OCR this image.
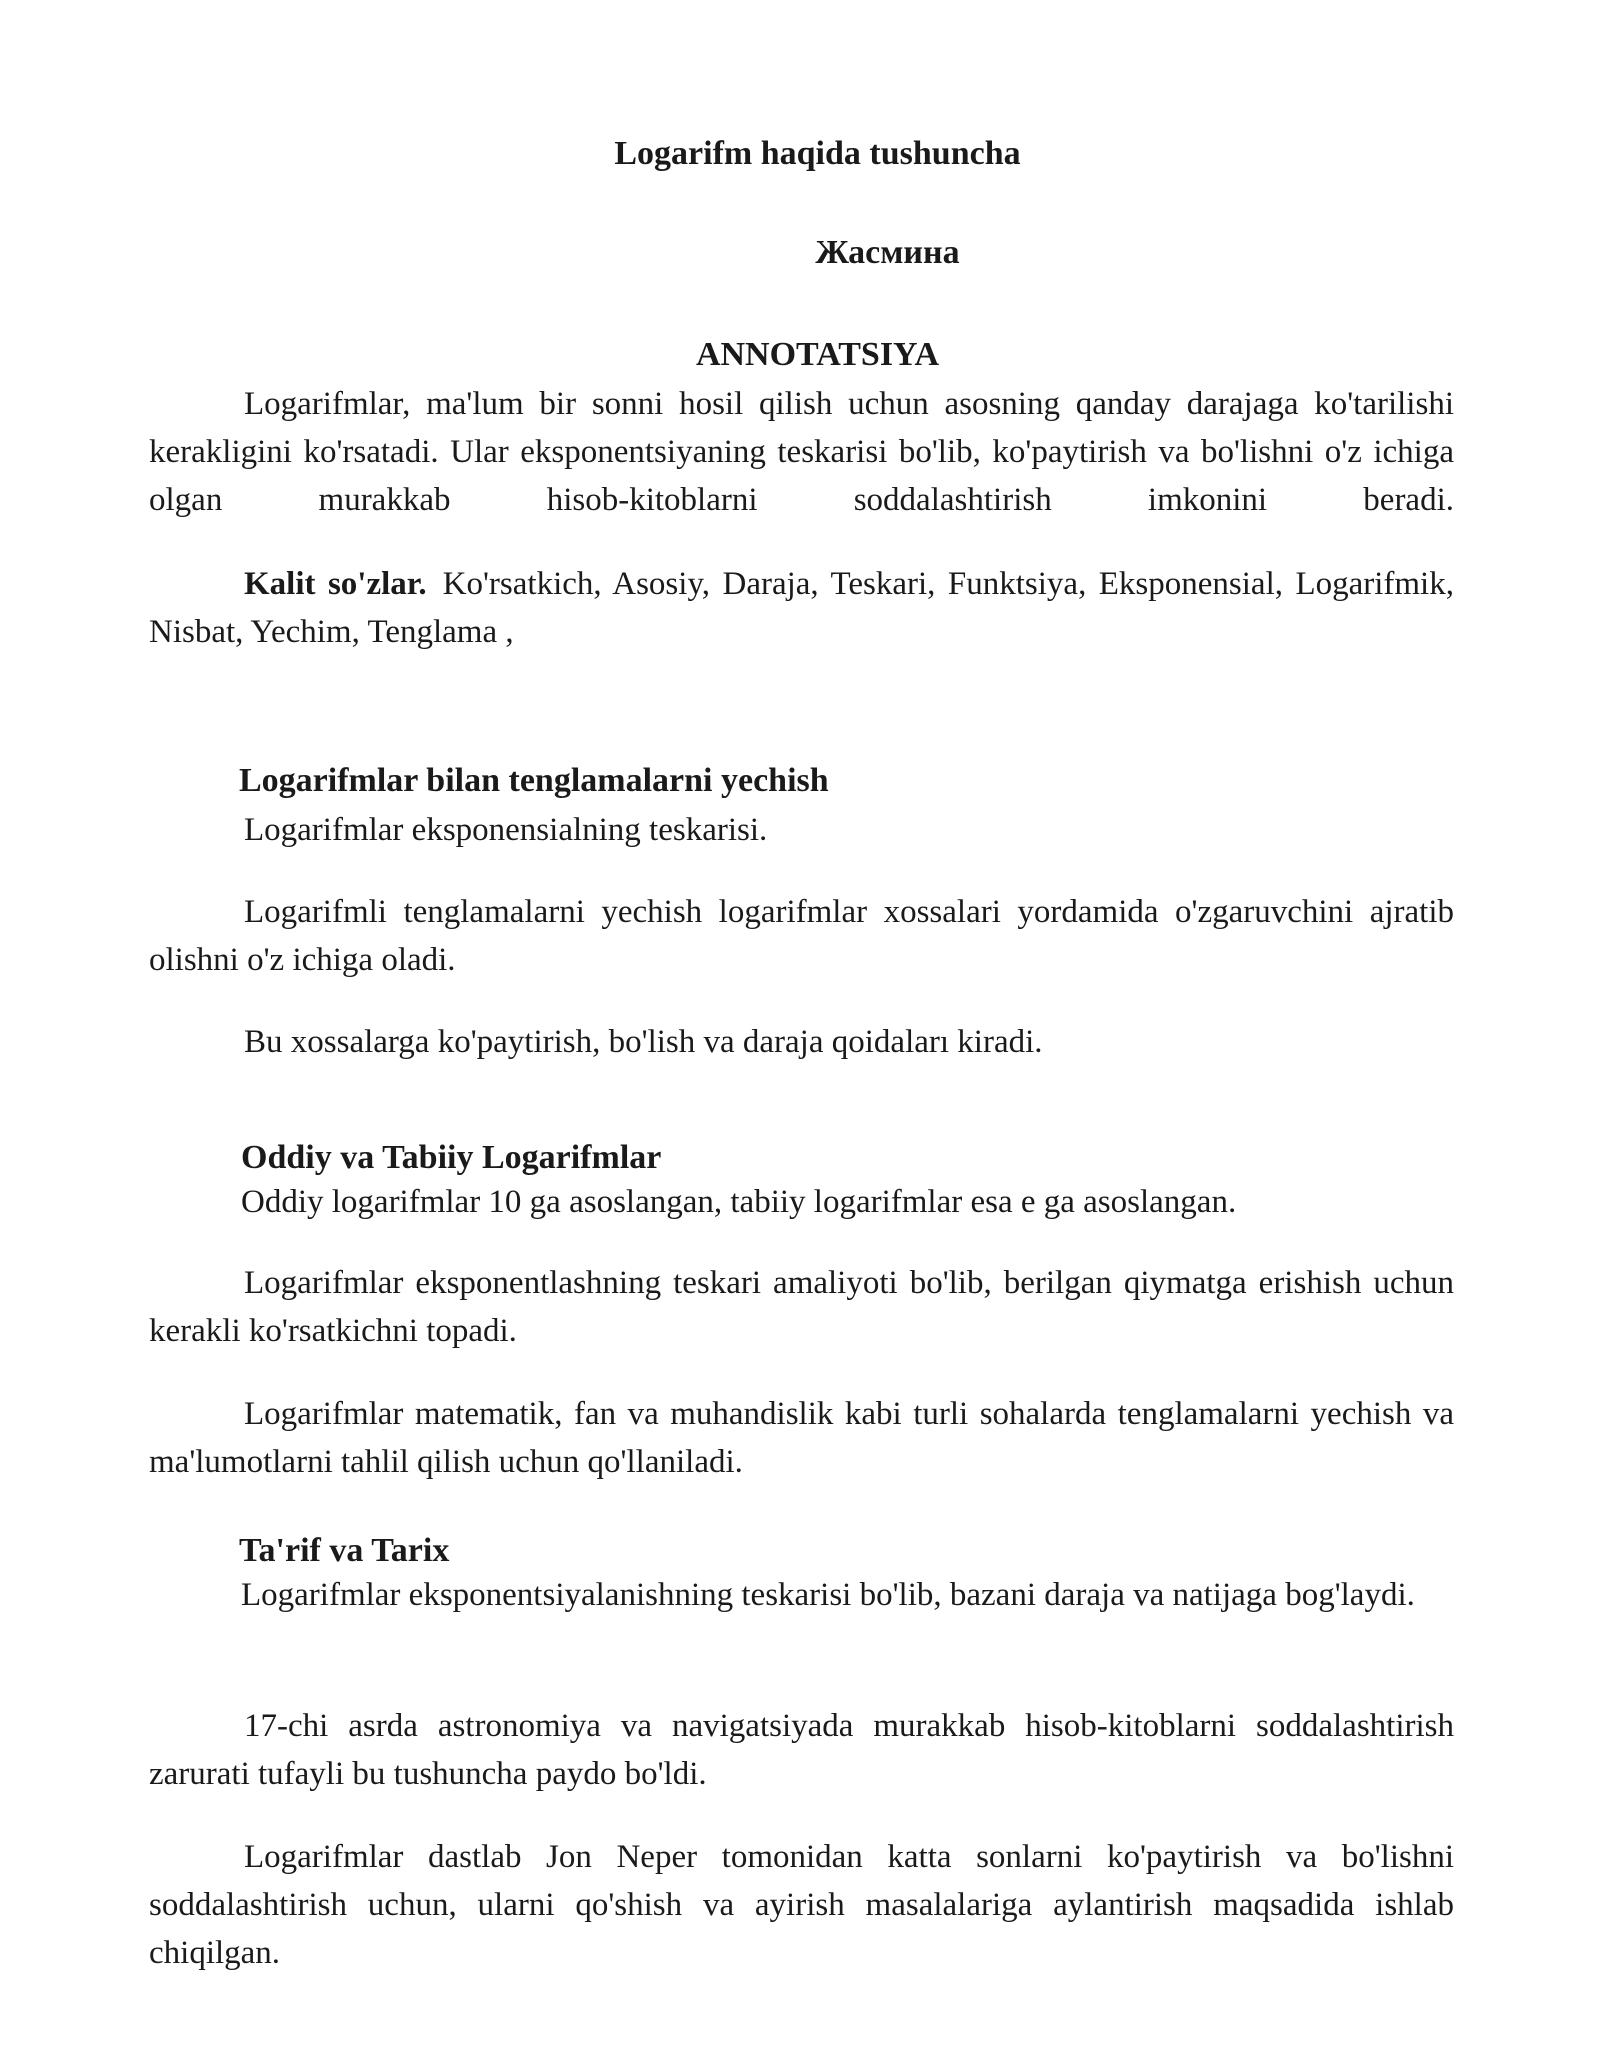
Logarifm haqida tushuncha
Жасмина
ANNOTATSIYA

Logarifmlar, ma'lum bir sonni hosil qilish uchun asosning qanday darajaga ko'tarilishi kerakligini ko'rsatadi. Ular eksponentsiyaning teskarisi bo'lib, ko'paytirish va bo'lishni o'z ichiga olgan murakkab hisob-kitoblarni soddalashtirish imkonini beradi.

Kalit so'zlar. Ko'rsatkich, Asosiy, Daraja, Teskari, Funktsiya, Eksponensial, Logarifmik, Nisbat, Yechim, Tenglama ,

Logarifmlar bilan tenglamalarni yechish

Logarifmlar eksponensialning teskarisi.

Logarifmli tenglamalarni yechish logarifmlar xossalari yordamida o'zgaruvchini ajratib olishni o'z ichiga oladi.

Bu xossalarga ko'paytirish, bo'lish va daraja qoidaları kiradi.

Oddiy va Tabiiy Logarifmlar

Oddiy logarifmlar 10 ga asoslangan, tabiiy logarifmlar esa e ga asoslangan.

Logarifmlar eksponentlashning teskari amaliyoti bo'lib, berilgan qiymatga erishish uchun kerakli ko'rsatkichni topadi.

Logarifmlar matematik, fan va muhandislik kabi turli sohalarda tenglamalarni yechish va ma'lumotlarni tahlil qilish uchun qo'llaniladi.

Ta'rif va Tarix

Logarifmlar eksponentsiyalanishning teskarisi bo'lib, bazani daraja va natijaga bog'laydi.

17-chi asrda astronomiya va navigatsiyada murakkab hisob-kitoblarni soddalashtirish zarurati tufayli bu tushuncha paydo bo'ldi.

Logarifmlar dastlab Jon Neper tomonidan katta sonlarni ko'paytirish va bo'lishni soddalashtirish uchun, ularni qo'shish va ayirish masalalariga aylantirish maqsadida ishlab chiqilgan.
